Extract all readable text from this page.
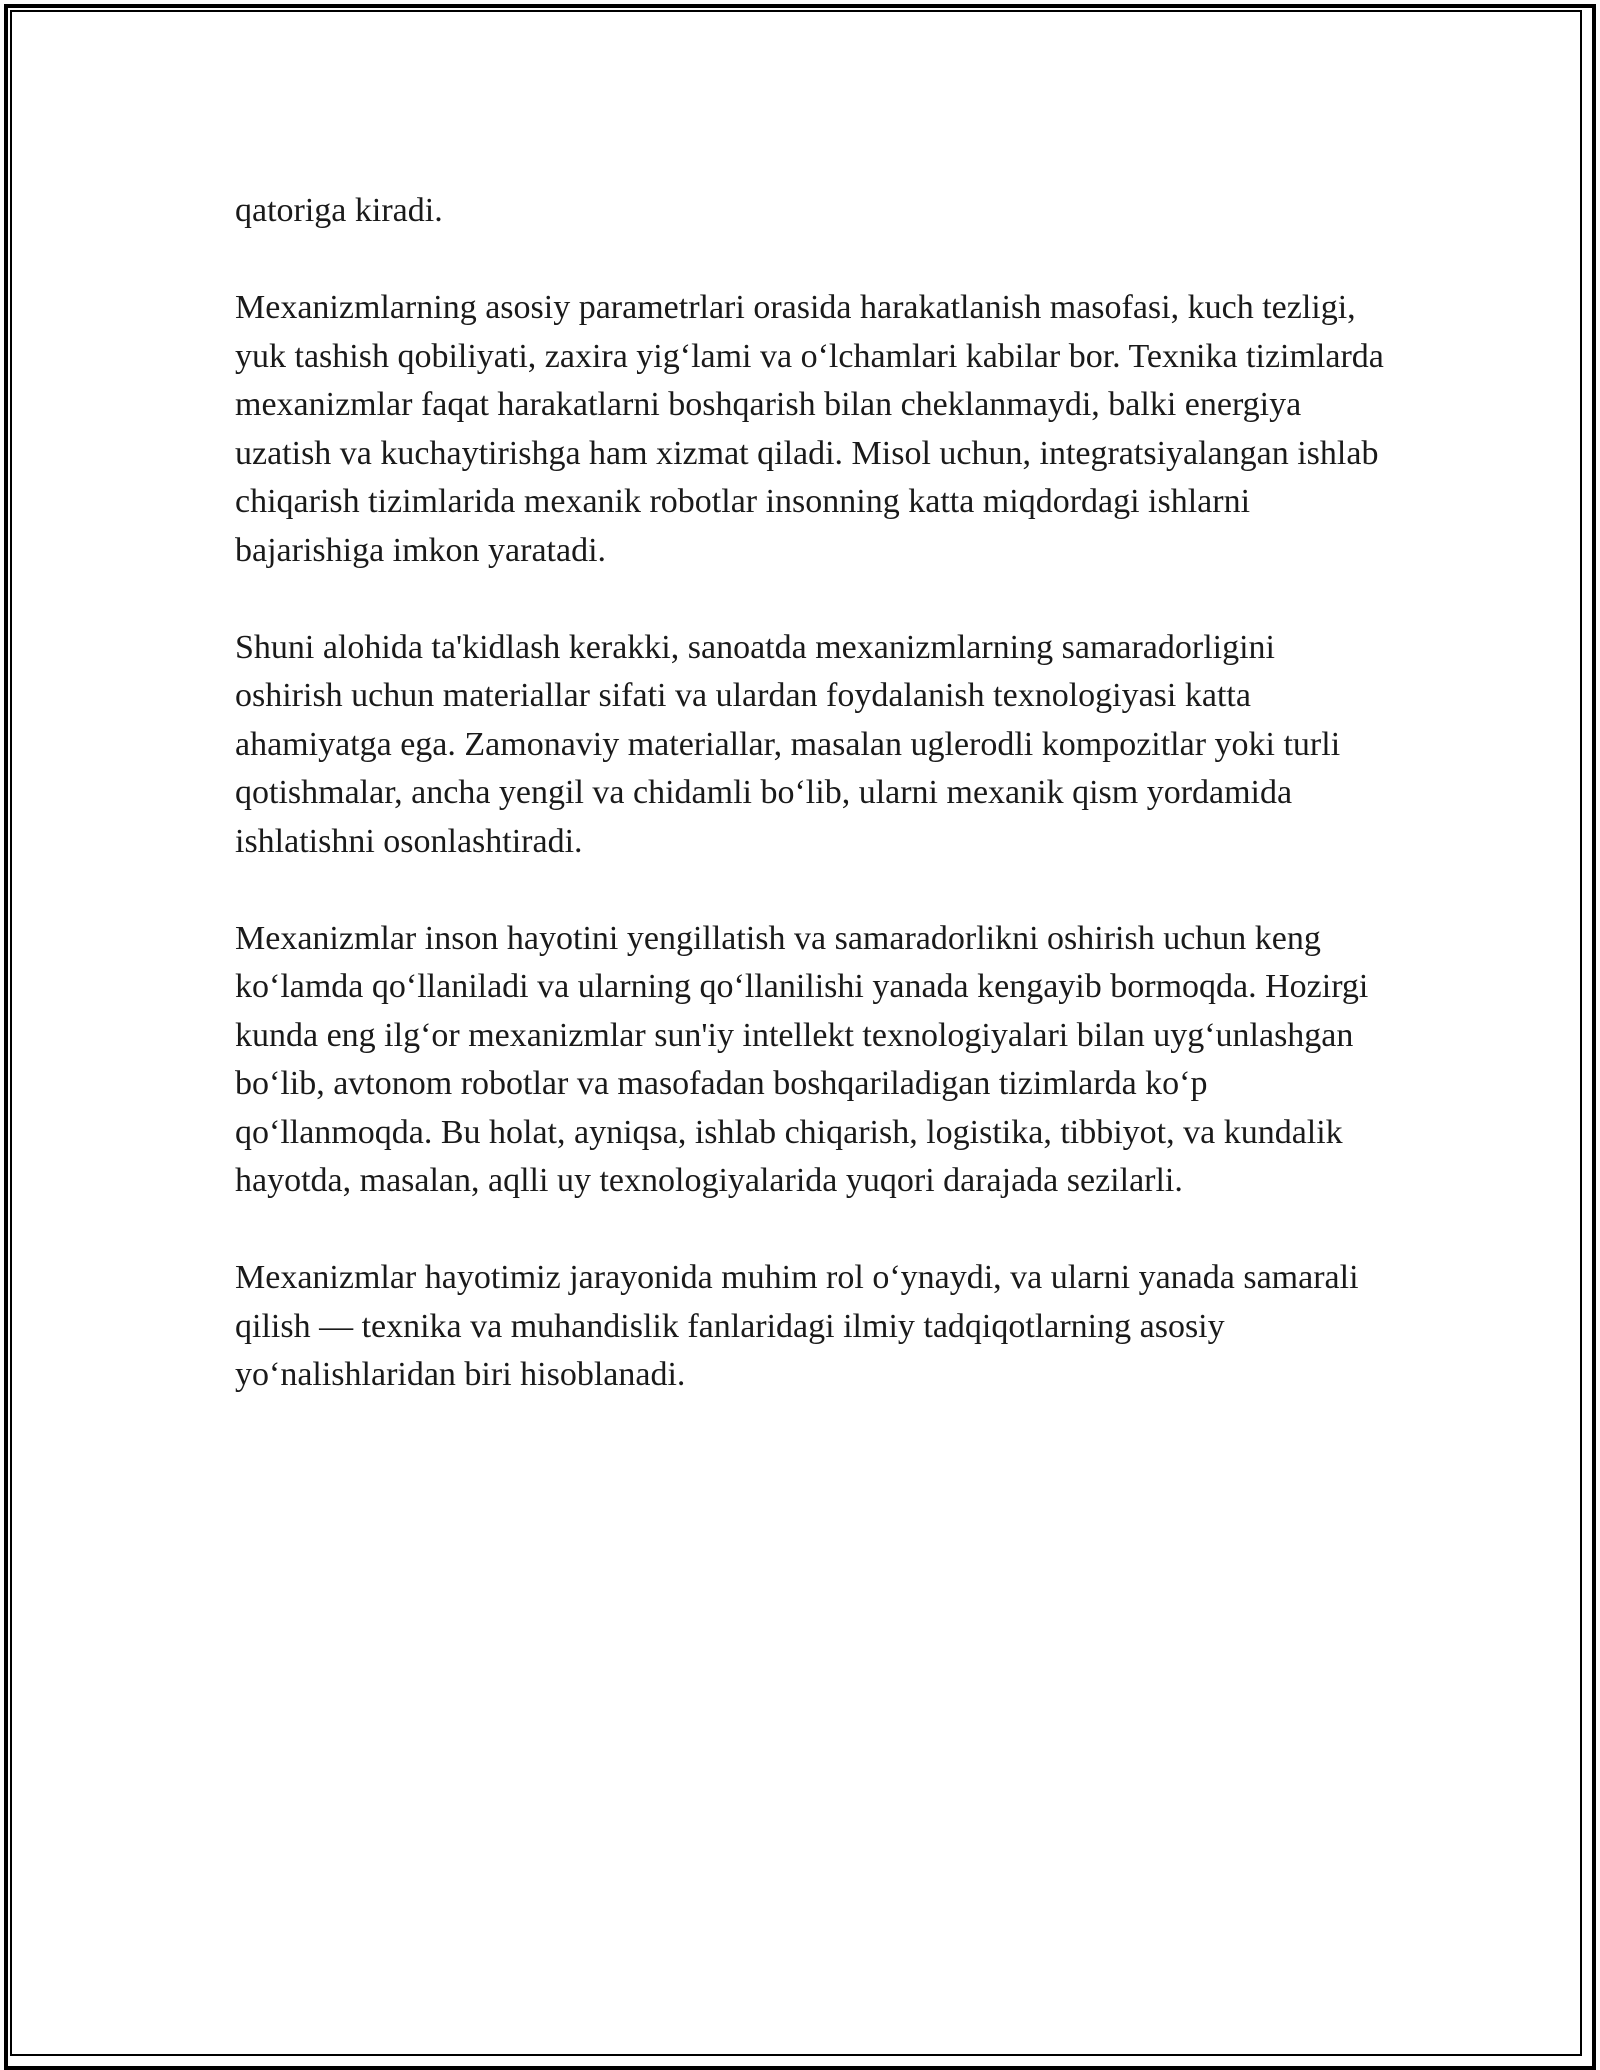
qatoriga kiradi.

Mexanizmlarning asosiy parametrlari orasida harakatlanish masofasi, kuch tezligi, yuk tashish qobiliyati, zaxira yig‘lami va o‘lchamlari kabilar bor. Texnika tizimlarda mexanizmlar faqat harakatlarni boshqarish bilan cheklanmaydi, balki energiya uzatish va kuchaytirishga ham xizmat qiladi. Misol uchun, integratsiyalangan ishlab chiqarish tizimlarida mexanik robotlar insonning katta miqdordagi ishlarni bajarishiga imkon yaratadi.

Shuni alohida ta'kidlash kerakki, sanoatda mexanizmlarning samaradorligini oshirish uchun materiallar sifati va ulardan foydalanish texnologiyasi katta ahamiyatga ega. Zamonaviy materiallar, masalan uglerodli kompozitlar yoki turli qotishmalar, ancha yengil va chidamli bo‘lib, ularni mexanik qism yordamida ishlatishni osonlashtiradi.

Mexanizmlar inson hayotini yengillatish va samaradorlikni oshirish uchun keng ko‘lamda qo‘llaniladi va ularning qo‘llanilishi yanada kengayib bormoqda. Hozirgi kunda eng ilg‘or mexanizmlar sun'iy intellekt texnologiyalari bilan uyg‘unlashgan bo‘lib, avtonom robotlar va masofadan boshqariladigan tizimlarda ko‘p qo‘llanmoqda. Bu holat, ayniqsa, ishlab chiqarish, logistika, tibbiyot, va kundalik hayotda, masalan, aqlli uy texnologiyalarida yuqori darajada sezilarli.

Mexanizmlar hayotimiz jarayonida muhim rol o‘ynaydi, va ularni yanada samarali qilish — texnika va muhandislik fanlaridagi ilmiy tadqiqotlarning asosiy yo‘nalishlaridan biri hisoblanadi.
